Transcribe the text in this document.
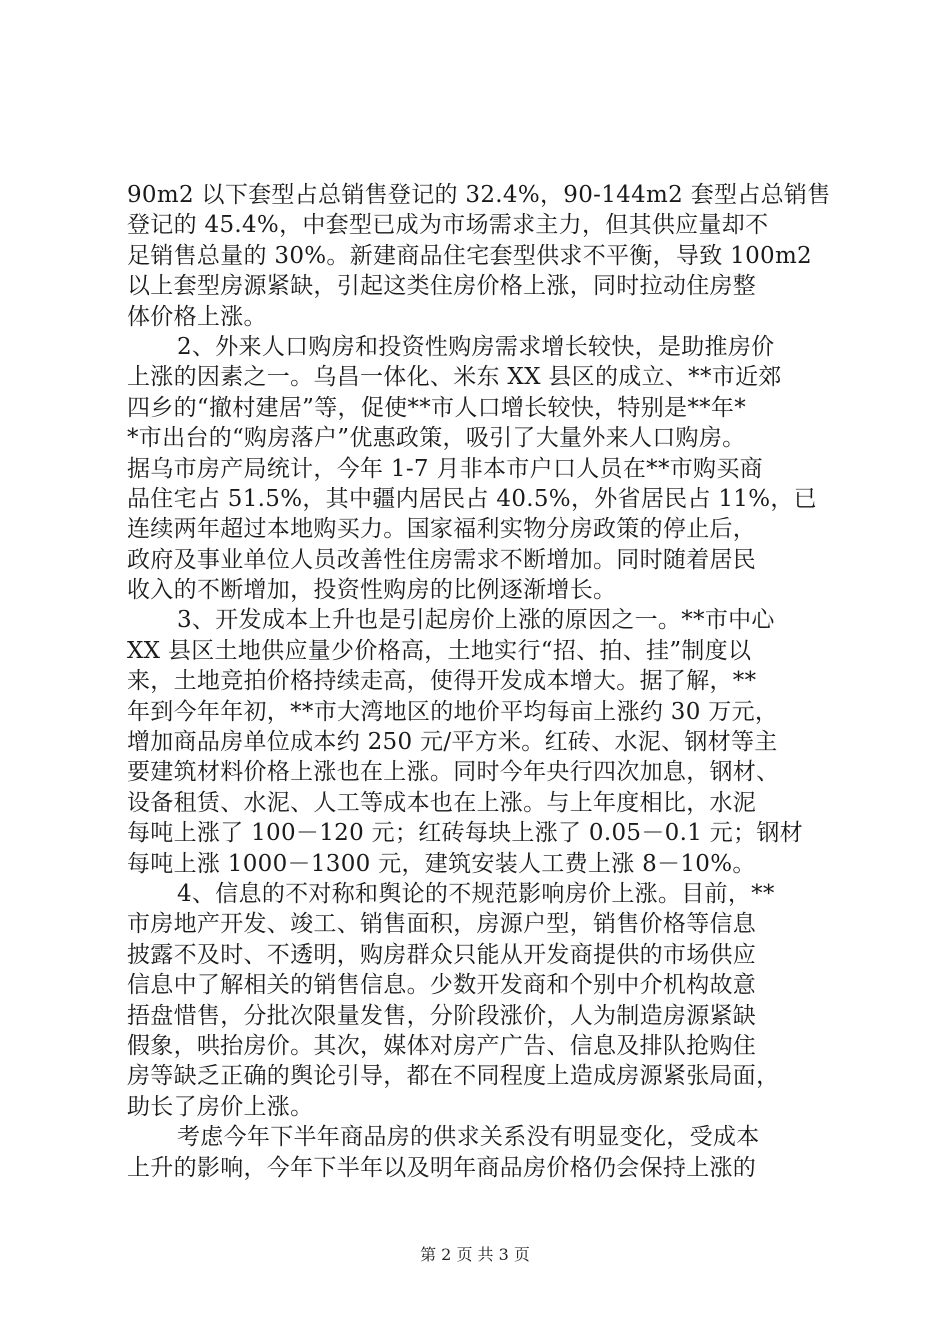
90m2 以下套型占总销售登记的 32.4%，90-144m2 套型占总销售
登记的 45.4%，中套型已成为市场需求主力，但其供应量却不
足销售总量的 30%。新建商品住宅套型供求不平衡，导致 100m2
以上套型房源紧缺，引起这类住房价格上涨，同时拉动住房整
体价格上涨。
2、外来人口购房和投资性购房需求增长较快，是助推房价
上涨的因素之一。乌昌一体化、米东 XX 县区的成立、**市近郊
四乡的“撤村建居”等，促使**市人口增长较快，特别是**年*
*市出台的“购房落户”优惠政策，吸引了大量外来人口购房。
据乌市房产局统计，今年 1-7 月非本市户口人员在**市购买商
品住宅占 51.5%，其中疆内居民占 40.5%，外省居民占 11%，已
连续两年超过本地购买力。国家福利实物分房政策的停止后，
政府及事业单位人员改善性住房需求不断增加。同时随着居民
收入的不断增加，投资性购房的比例逐渐增长。
3、开发成本上升也是引起房价上涨的原因之一。**市中心
XX 县区土地供应量少价格高，土地实行“招、拍、挂”制度以
来，土地竞拍价格持续走高，使得开发成本增大。据了解，**
年到今年年初，**市大湾地区的地价平均每亩上涨约 30 万元，
增加商品房单位成本约 250 元/平方米。红砖、水泥、钢材等主
要建筑材料价格上涨也在上涨。同时今年央行四次加息，钢材、
设备租赁、水泥、人工等成本也在上涨。与上年度相比，水泥
每吨上涨了 100－120 元；红砖每块上涨了 0.05－0.1 元；钢材
每吨上涨 1000－1300 元，建筑安装人工费上涨 8－10%。
4、信息的不对称和舆论的不规范影响房价上涨。目前，**
市房地产开发、竣工、销售面积，房源户型，销售价格等信息
披露不及时、不透明，购房群众只能从开发商提供的市场供应
信息中了解相关的销售信息。少数开发商和个别中介机构故意
捂盘惜售，分批次限量发售，分阶段涨价，人为制造房源紧缺
假象，哄抬房价。其次，媒体对房产广告、信息及排队抢购住
房等缺乏正确的舆论引导，都在不同程度上造成房源紧张局面，
助长了房价上涨。
考虑今年下半年商品房的供求关系没有明显变化，受成本
上升的影响，今年下半年以及明年商品房价格仍会保持上涨的
第 2 页 共 3 页
